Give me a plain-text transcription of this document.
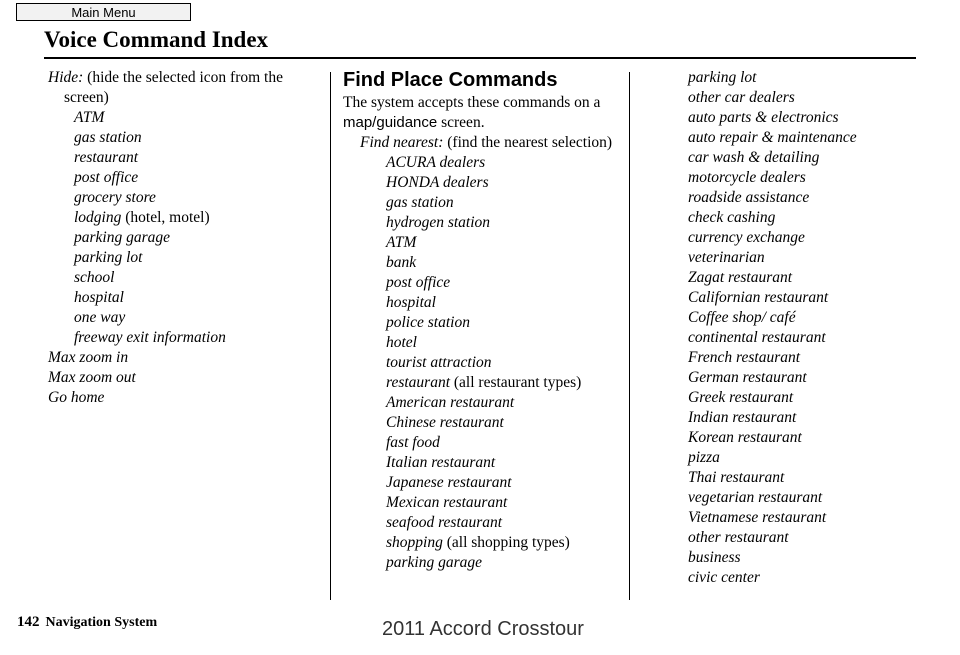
Main Menu
Voice Command Index
Hide: (hide the selected icon from the screen)
ATM
gas station
restaurant
post office
grocery store
lodging (hotel, motel)
parking garage
parking lot
school
hospital
one way
freeway exit information
Max zoom in
Max zoom out
Go home
Find Place Commands
The system accepts these commands on a map/guidance screen.
Find nearest: (find the nearest selection)
ACURA dealers
HONDA dealers
gas station
hydrogen station
ATM
bank
post office
hospital
police station
hotel
tourist attraction
restaurant (all restaurant types)
American restaurant
Chinese restaurant
fast food
Italian restaurant
Japanese restaurant
Mexican restaurant
seafood restaurant
shopping (all shopping types)
parking garage
parking lot
other car dealers
auto parts & electronics
auto repair & maintenance
car wash & detailing
motorcycle dealers
roadside assistance
check cashing
currency exchange
veterinarian
Zagat restaurant
Californian restaurant
Coffee shop/ café
continental restaurant
French restaurant
German restaurant
Greek restaurant
Indian restaurant
Korean restaurant
pizza
Thai restaurant
vegetarian restaurant
Vietnamese restaurant
other restaurant
business
civic center
142 Navigation System	2011 Accord Crosstour
